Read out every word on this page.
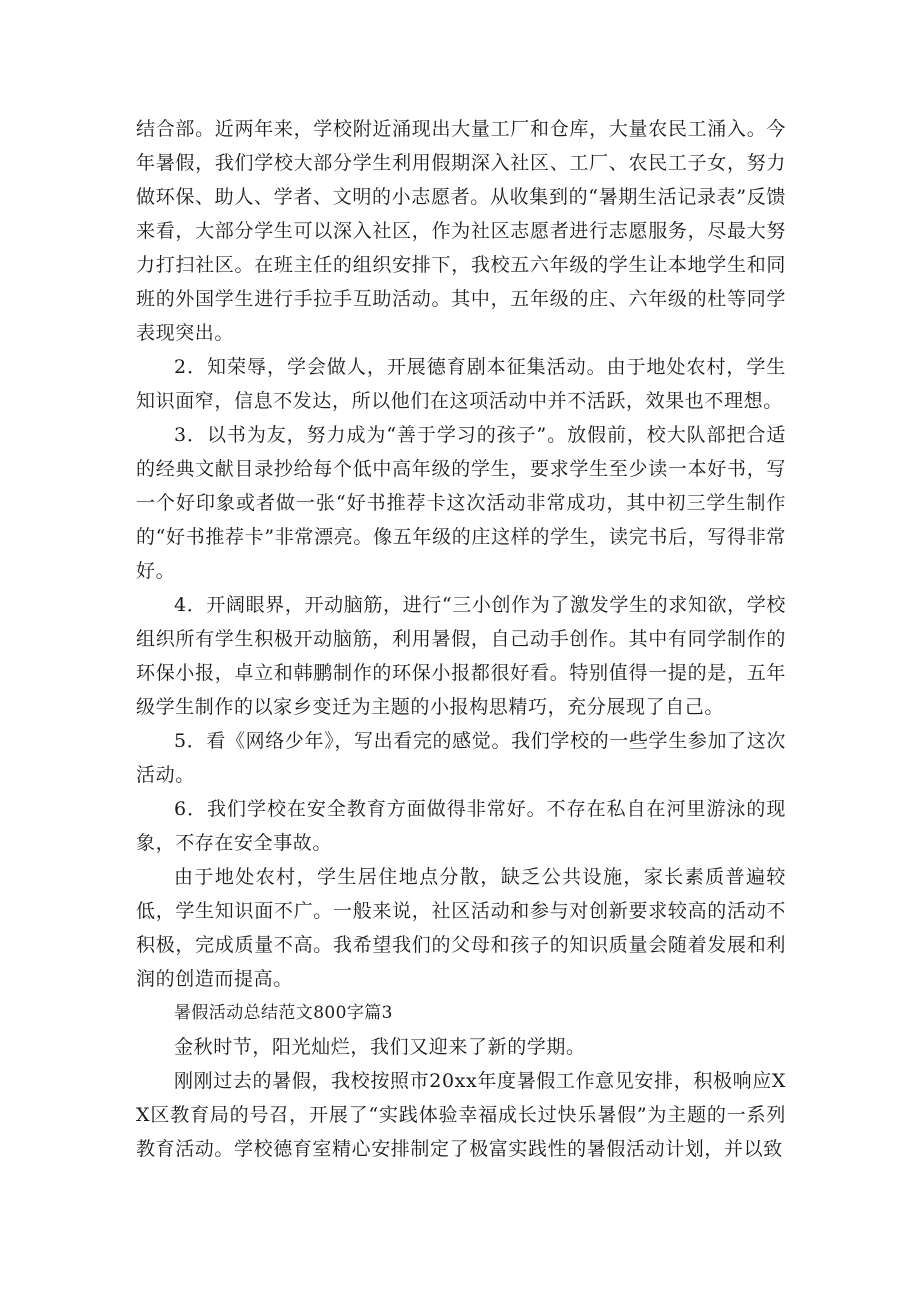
结合部。近两年来，学校附近涌现出大量工厂和仓库，大量农民工涌入。今年暑假，我们学校大部分学生利用假期深入社区、工厂、农民工子女，努力做环保、助人、学者、文明的小志愿者。从收集到的“暑期生活记录表”反馈来看，大部分学生可以深入社区，作为社区志愿者进行志愿服务，尽最大努力打扫社区。在班主任的组织安排下，我校五六年级的学生让本地学生和同班的外国学生进行手拉手互助活动。其中，五年级的庄、六年级的杜等同学表现突出。

2．知荣辱，学会做人，开展德育剧本征集活动。由于地处农村，学生知识面窄，信息不发达，所以他们在这项活动中并不活跃，效果也不理想。

3．以书为友，努力成为“善于学习的孩子”。放假前，校大队部把合适的经典文献目录抄给每个低中高年级的学生，要求学生至少读一本好书，写一个好印象或者做一张“好书推荐卡这次活动非常成功，其中初三学生制作的“好书推荐卡”非常漂亮。像五年级的庄这样的学生，读完书后，写得非常好。

4．开阔眼界，开动脑筋，进行“三小创作为了激发学生的求知欲，学校组织所有学生积极开动脑筋，利用暑假，自己动手创作。其中有同学制作的环保小报，卓立和韩鹏制作的环保小报都很好看。特别值得一提的是，五年级学生制作的以家乡变迁为主题的小报构思精巧，充分展现了自己。

5．看《网络少年》，写出看完的感觉。我们学校的一些学生参加了这次活动。

6．我们学校在安全教育方面做得非常好。不存在私自在河里游泳的现象，不存在安全事故。

由于地处农村，学生居住地点分散，缺乏公共设施，家长素质普遍较低，学生知识面不广。一般来说，社区活动和参与对创新要求较高的活动不积极，完成质量不高。我希望我们的父母和孩子的知识质量会随着发展和利润的创造而提高。

暑假活动总结范文800字篇3

金秋时节，阳光灿烂，我们又迎来了新的学期。

刚刚过去的暑假，我校按照市20xx年度暑假工作意见安排，积极响应XX区教育局的号召，开展了“实践体验幸福成长过快乐暑假”为主题的一系列教育活动。学校德育室精心安排制定了极富实践性的暑假活动计划，并以致
